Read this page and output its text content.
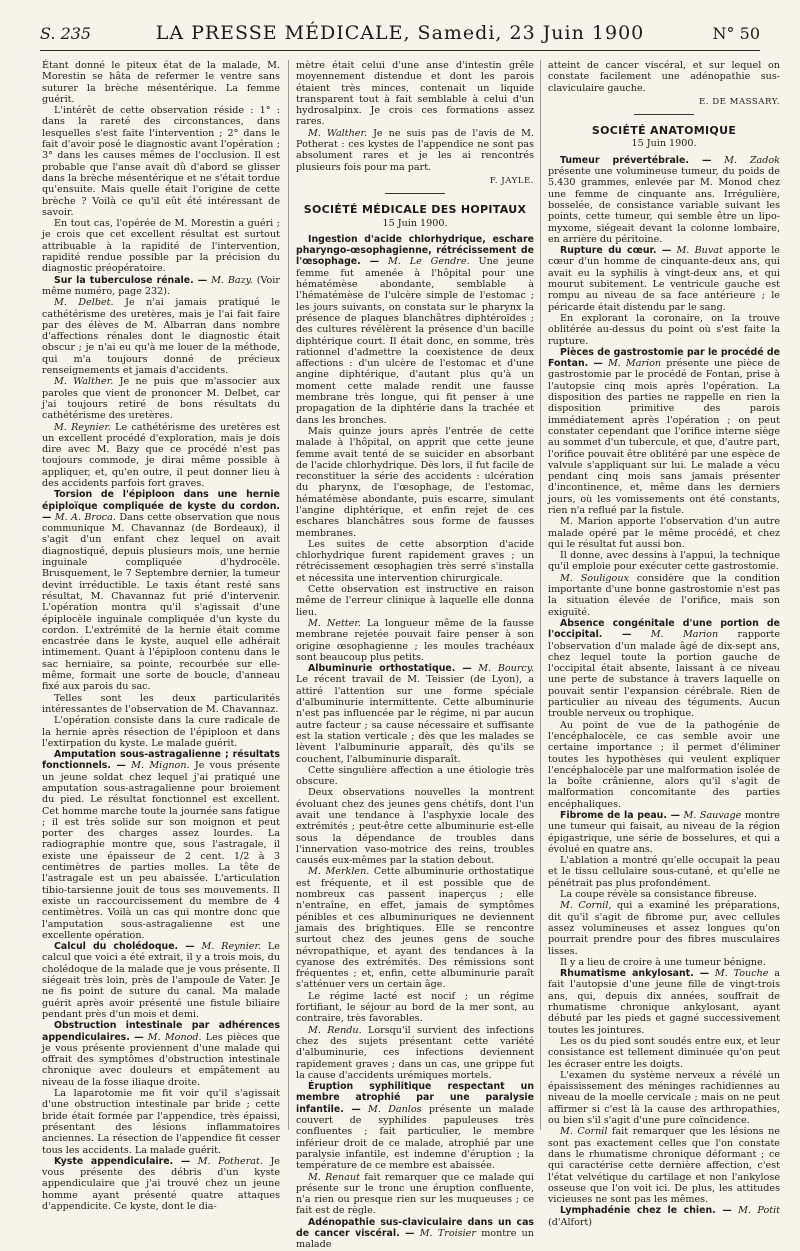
S. 235	LA PRESSE MÉDICALE, Samedi, 23 Juin 1900	N° 50

Étant donné le piteux état de la malade, M. Morestin se hâta de refermer le ventre sans suturer la brèche mésentérique. La femme guérit.

L'intérêt de cette observation réside : 1° : dans la rareté des circonstances, dans lesquelles s'est faite l'intervention ; 2° dans le fait d'avoir posé le diagnostic avant l'opération ; 3° dans les causes mêmes de l'occlusion. Il est probable que l'anse avait dû d'abord se glisser dans la brèche mésentérique et ne s'était tordue qu'ensuite. Mais quelle était l'origine de cette brèche ? Voilà ce qu'il eût été intéressant de savoir.

En tout cas, l'opérée de M. Morestin a guéri ; je crois que cet excellent résultat est surtout attribuable à la rapidité de l'intervention, rapidité rendue possible par la précision du diagnostic préopératoire.

Sur la tuberculose rénale. — M. Bazy. (Voir même numéro, page 232).

M. Delbet. Je n'ai jamais pratiqué le cathétérisme des uretères, mais je l'ai fait faire par des élèves de M. Albarran dans nombre d'affections rénales dont le diagnostic était obscur ; je n'ai eu qu'à me louer de la méthode, qui m'a toujours donné de précieux renseignements et jamais d'accidents.

M. Walther. Je ne puis que m'associer aux paroles que vient de prononcer M. Delbet, car j'ai toujours retiré de bons résultats du cathétérisme des uretères.

M. Reynier. Le cathétérisme des uretères est un excellent procédé d'exploration, mais je dois dire avec M. Bazy que ce procédé n'est pas toujours commode, je dirai même possible à appliquer, et, qu'en outre, il peut donner lieu à des accidents parfois fort graves.

Torsion de l'épiploon dans une hernie épiploïque compliquée de kyste du cordon. — M. A. Broca. Dans cette observation que nous communique M. Chavannaz (de Bordeaux), il s'agit d'un enfant chez lequel on avait diagnostiqué, depuis plusieurs mois, une hernie inguinale compliquée d'hydrocèle. Brusquement, le 7 Septembre dernier, la tumeur devint irréductible. Le taxis étant resté sans résultat, M. Chavannaz fut prié d'intervenir. L'opération montra qu'il s'agissait d'une épiplocèle inguinale compliquée d'un kyste du cordon. L'extrémité de la hernie était comme encastrée dans le kyste, auquel elle adhérait intimement. Quant à l'épiploon contenu dans le sac herniaire, sa pointe, recourbée sur elle-même, formait une sorte de boucle, d'anneau fixé aux parois du sac.

Telles sont les deux particularités intéressantes de l'observation de M. Chavannaz.

L'opération consiste dans la cure radicale de la hernie après résection de l'épiploon et dans l'extirpation du kyste. Le malade guérit.

Amputation sous-astragalienne ; résultats fonctionnels. — M. Mignon. Je vous présente un jeune soldat chez lequel j'ai pratiqué une amputation sous-astragalienne pour broiement du pied. Le résultat fonctionnel est excellent. Cet homme marche toute la journée sans fatigue ; il est très solide sur son moignon et peut porter des charges assez lourdes. La radiographie montre que, sous l'astragale, il existe une épaisseur de 2 cent. 1/2 à 3 centimètres de parties molles. La tête de l'astragale est un peu abaissée. L'articulation tibio-tarsienne jouit de tous ses mouvements. Il existe un raccourcissement du membre de 4 centimètres. Voilà un cas qui montre donc que l'amputation sous-astragalienne est une excellente opération.

Calcul du cholédoque. — M. Reynier. Le calcul que voici a été extrait, il y a trois mois, du cholédoque de la malade que je vous présente. Il siégeait très loin, près de l'ampoule de Vater. Je ne fis point de suture du canal. Ma malade guérit après avoir présenté une fistule biliaire pendant près d'un mois et demi.

Obstruction intestinale par adhérences appendiculaires. — M. Monod. Les pièces que je vous présente proviennent d'une malade qui offrait des symptômes d'obstruction intestinale chronique avec douleurs et empâtement au niveau de la fosse iliaque droite.

La laparotomie me fit voir qu'il s'agissait d'une obstruction intestinale par bride ; cette bride était formée par l'appendice, très épaissi, présentant des lésions inflammatoires anciennes. La résection de l'appendice fit cesser tous les accidents. La malade guérit.

Kyste appendiculaire. — M. Potherat. Je vous présente des débris d'un kyste appendiculaire que j'ai trouvé chez un jeune homme ayant présenté quatre attaques d'appendicite. Ce kyste, dont le dia-

mètre était celui d'une anse d'intestin grêle moyennement distendue et dont les parois étaient très minces, contenait un liquide transparent tout à fait semblable à celui d'un hydrosalpinx. Je crois ces formations assez rares.

M. Walther. Je ne suis pas de l'avis de M. Potherat : ces kystes de l'appendice ne sont pas absolument rares et je les ai rencontrés plusieurs fois pour ma part.

F. JAYLE.

SOCIÉTÉ MÉDICALE DES HOPITAUX
15 Juin 1900.

Ingestion d'acide chlorhydrique, eschare pharyngo-œsophagienne, rétrécissement de l'œsophage. — M. Le Gendre. Une jeune femme fut amenée à l'hôpital pour une hématémèse abondante, semblable à l'hématémèse de l'ulcère simple de l'estomac ; les jours suivants, on constata sur le pharynx la présence de plaques blanchâtres diphtéroïdes ; des cultures révélèrent la présence d'un bacille diphtérique court. Il était donc, en somme, très rationnel d'admettre la coexistence de deux affections : d'un ulcère de l'estomac et d'une angine diphtérique, d'autant plus qu'à un moment cette malade rendit une fausse membrane très longue, qui fit penser à une propagation de la diphtérie dans la trachée et dans les bronches.

Mais quinze jours après l'entrée de cette malade à l'hôpital, on apprit que cette jeune femme avait tenté de se suicider en absorbant de l'acide chlorhydrique. Dès lors, il fut facile de reconstituer la série des accidents : ulcération du pharynx, de l'œsophage, de l'estomac, hématémèse abondante, puis escarre, simulant l'angine diphtérique, et enfin rejet de ces eschares blanchâtres sous forme de fausses membranes.

Les suites de cette absorption d'acide chlorhydrique furent rapidement graves ; un rétrécissement œsophagien très serré s'installa et nécessita une intervention chirurgicale.

Cette observation est instructive en raison même de l'erreur clinique à laquelle elle donna lieu.

M. Netter. La longueur même de la fausse membrane rejetée pouvait faire penser à son origine œsophagienne ; les moules trachéaux sont beaucoup plus petits.

Albuminurie orthostatique. — M. Bourcy. Le récent travail de M. Teissier (de Lyon), a attiré l'attention sur une forme spéciale d'albuminurie intermittente. Cette albuminurie n'est pas influencée par le régime, ni par aucun autre facteur ; sa cause nécessaire et suffisante est la station verticale ; dès que les malades se lèvent l'albuminurie apparaît, dès qu'ils se couchent, l'albuminurie disparaît.

Cette singulière affection a une étiologie très obscure.

Deux observations nouvelles la montrent évoluant chez des jeunes gens chétifs, dont l'un avait une tendance à l'asphyxie locale des extrémités ; peut-être cette albuminurie est-elle sous la dépendance de troubles dans l'innervation vaso-motrice des reins, troubles causés eux-mêmes par la station debout.

M. Merklen. Cette albuminurie orthostatique est fréquente, et il est possible que de nombreux cas passent inaperçus ; elle n'entraîne, en effet, jamais de symptômes pénibles et ces albuminuriques ne deviennent jamais des brightiques. Elle se rencontre surtout chez des jeunes gens de souche névropathique, et ayant des tendances à la cyanose des extrémités. Des rémissions sont fréquentes ; et, enfin, cette albuminurie paraît s'atténuer vers un certain âge.

Le régime lacté est nocif ; un régime fortifiant, le séjour au bord de la mer sont, au contraire, très favorables.

M. Rendu. Lorsqu'il survient des infections chez des sujets présentant cette variété d'albuminurie, ces infections deviennent rapidement graves ; dans un cas, une grippe fut la cause d'accidents urémiques mortels.

Éruption syphilitique respectant un membre atrophié par une paralysie infantile. — M. Danlos présente un malade couvert de syphilides papuleuses très confluentes ; fait particulier, le membre inférieur droit de ce malade, atrophié par une paralysie infantile, est indemne d'éruption ; la température de ce membre est abaissée.

M. Renaut fait remarquer que ce malade qui présente sur le tronc une éruption confluente, n'a rien ou presque rien sur les muqueuses ; ce fait est de règle.

Adénopathie sus-claviculaire dans un cas de cancer viscéral. — M. Troisier montre un malade

atteint de cancer viscéral, et sur lequel on constate facilement une adénopathie sus-claviculaire gauche.

E. DE MASSARY.

SOCIÉTÉ ANATOMIQUE
15 Juin 1900.

Tumeur prévertébrale. — M. Zadok présente une volumineuse tumeur, du poids de 5.430 grammes, enlevée par M. Monod chez une femme de cinquante ans. Irrégulière, bosselée, de consistance variable suivant les points, cette tumeur, qui semble être un lipo-myxome, siégeait devant la colonne lombaire, en arrière du péritoine.

Rupture du cœur. — M. Buvat apporte le cœur d'un homme de cinquante-deux ans, qui avait eu la syphilis à vingt-deux ans, et qui mourut subitement. Le ventricule gauche est rompu au niveau de sa face antérieure ; le péricarde était distendu par le sang.

En explorant la coronaire, on la trouve oblitérée au-dessus du point où s'est faite la rupture.

Pièces de gastrostomie par le procédé de Fontan. — M. Marion présente une pièce de gastrostomie par le procédé de Fontan, prise à l'autopsie cinq mois après l'opération. La disposition des parties ne rappelle en rien la disposition primitive des parois immédiatement après l'opération ; on peut constater cependant que l'orifice interne siège au sommet d'un tubercule, et que, d'autre part, l'orifice pouvait être oblitéré par une espèce de valvule s'appliquant sur lui. Le malade a vécu pendant cinq mois sans jamais présenter d'incontinence, et, même dans les derniers jours, où les vomissements ont été constants, rien n'a reflué par la fistule.

M. Marion apporte l'observation d'un autre malade opéré par le même procédé, et chez qui le résultat fut aussi bon.

Il donne, avec dessins à l'appui, la technique qu'il emploie pour exécuter cette gastrostomie.

M. Souligoux considère que la condition importante d'une bonne gastrostomie n'est pas la situation élevée de l'orifice, mais son exiguïté.

Absence congénitale d'une portion de l'occipital. — M. Marion rapporte l'observation d'un malade âgé de dix-sept ans, chez lequel toute la portion gauche de l'occipital était absente, laissant à ce niveau une perte de substance à travers laquelle on pouvait sentir l'expansion cérébrale. Rien de particulier au niveau des téguments. Aucun trouble nerveux ou trophique.

Au point de vue de la pathogénie de l'encéphalocèle, ce cas semble avoir une certaine importance ; il permet d'éliminer toutes les hypothèses qui veulent expliquer l'encéphalocèle par une malformation isolée de la boîte crânienne, alors qu'il s'agit de malformation concomitante des parties encéphaliques.

Fibrome de la peau. — M. Sauvage montre une tumeur qui faisait, au niveau de la région épigastrique, une série de bosselures, et qui a évolué en quatre ans.

L'ablation a montré qu'elle occupait la peau et le tissu cellulaire sous-cutané, et qu'elle ne pénétrait pas plus profondément.

La coupe révèle sa consistance fibreuse.

M. Cornil, qui a examiné les préparations, dit qu'il s'agit de fibrome pur, avec cellules assez volumineuses et assez longues qu'on pourrait prendre pour des fibres musculaires lisses.

Il y a lieu de croire à une tumeur bénigne.

Rhumatisme ankylosant. — M. Touche a fait l'autopsie d'une jeune fille de vingt-trois ans, qui, depuis dix années, souffrait de rhumatisme chronique ankylosant, ayant débuté par les pieds et gagné successivement toutes les jointures.

Les os du pied sont soudés entre eux, et leur consistance est tellement diminuée qu'on peut les écraser entre les doigts.

L'examen du système nerveux a révélé un épaississement des méninges rachidiennes au niveau de la moelle cervicale ; mais on ne peut affirmer si c'est là la cause des arthropathies, ou bien s'il s'agit d'une pure coïncidence.

M. Cornil fait remarquer que les lésions ne sont pas exactement celles que l'on constate dans le rhumatisme chronique déformant ; ce qui caractérise cette dernière affection, c'est l'état velvétique du cartilage et non l'ankylose osseuse que l'on voit ici. De plus, les attitudes vicieuses ne sont pas les mêmes.

Lymphadénie chez le chien. — M. Potit (d'Alfort)
